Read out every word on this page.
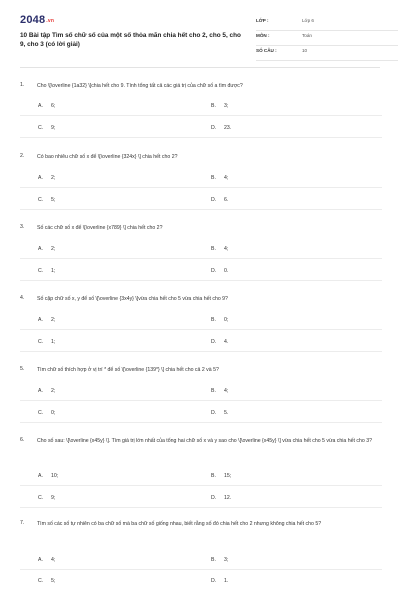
2048.vn
10 Bài tập Tìm số chữ số của một số thỏa mãn chia hết cho 2, cho 5, cho 9, cho 3 (có lời giải)
LỚP :	Lớp 6
MÔN :	Toán
SỐ CÂU :	10
1. Cho \[\overline {1a32} \]chia hết cho 9. Tính tổng tất cả các giá trị của chữ số a tìm được?
A. 6;	B. 3;
C. 9;	D. 23.
2. Có bao nhiêu chữ số x để \[\overline {324x} \] chia hết cho 2?
A. 2;	B. 4;
C. 5;	D. 6.
3. Số các chữ số x để \[\overline {x789} \] chia hết cho 2?
A. 2;	B. 4;
C. 1;	D. 0.
4. Số cặp chữ số x, y để số \[\overline {3x4y} \]vừa chia hết cho 5 vừa chia hết cho 9?
A. 2;	B. 0;
C. 1;	D. 4.
5. Tìm chữ số thích hợp ở vị trí * để số \[\overline {139*} \] chia hết cho cả 2 và 5?
A. 2;	B. 4;
C. 0;	D. 5.
6. Cho số sau: \[\overline {x45y} \]. Tìm giá trị lớn nhất của tổng hai chữ số x và y sao cho \[\overline {x45y} \] vừa chia hết cho 5 vừa chia hết cho 3?
A. 10;	B. 15;
C. 9;	D. 12.
7. Tìm số các số tự nhiên có ba chữ số mà ba chữ số giống nhau, biết rằng số đó chia hết cho 2 nhưng không chia hết cho 5?
A. 4;	B. 3;
C. 5;	D. 1.
